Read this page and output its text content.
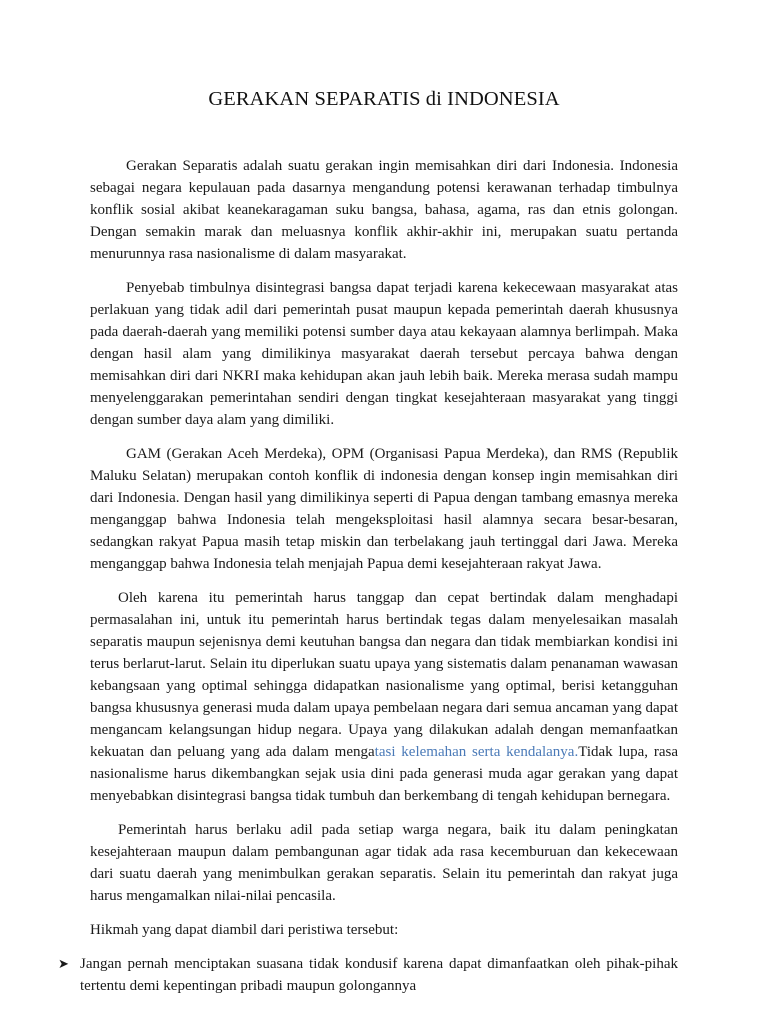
GERAKAN SEPARATIS di INDONESIA

Gerakan Separatis adalah suatu gerakan ingin memisahkan diri dari Indonesia. Indonesia sebagai negara kepulauan pada dasarnya mengandung potensi kerawanan terhadap timbulnya konflik sosial akibat keanekaragaman suku bangsa, bahasa, agama, ras dan etnis golongan. Dengan semakin marak dan meluasnya konflik akhir-akhir ini, merupakan suatu pertanda menurunnya rasa nasionalisme di dalam masyarakat.

Penyebab timbulnya disintegrasi bangsa dapat terjadi karena kekecewaan masyarakat atas perlakuan yang tidak adil dari pemerintah pusat maupun kepada pemerintah daerah khususnya pada daerah-daerah yang memiliki potensi sumber daya atau kekayaan alamnya berlimpah. Maka dengan hasil alam yang dimilikinya masyarakat daerah tersebut percaya bahwa dengan memisahkan diri dari NKRI maka kehidupan akan jauh lebih baik. Mereka merasa sudah mampu menyelenggarakan pemerintahan sendiri dengan tingkat kesejahteraan masyarakat yang tinggi dengan sumber daya alam yang dimiliki.

GAM (Gerakan Aceh Merdeka), OPM (Organisasi Papua Merdeka), dan RMS (Republik Maluku Selatan) merupakan contoh konflik di indonesia dengan konsep ingin memisahkan diri dari Indonesia. Dengan hasil yang dimilikinya seperti di Papua dengan tambang emasnya mereka menganggap bahwa Indonesia telah mengeksploitasi hasil alamnya secara besar-besaran, sedangkan rakyat Papua masih tetap miskin dan terbelakang jauh tertinggal dari Jawa. Mereka menganggap bahwa Indonesia telah menjajah Papua demi kesejahteraan rakyat Jawa.

Oleh karena itu pemerintah harus tanggap dan cepat bertindak dalam menghadapi permasalahan ini, untuk itu pemerintah harus bertindak tegas dalam menyelesaikan masalah separatis maupun sejenisnya demi keutuhan bangsa dan negara dan tidak membiarkan kondisi ini terus berlarut-larut. Selain itu diperlukan suatu upaya yang sistematis dalam penanaman wawasan kebangsaan yang optimal sehingga didapatkan nasionalisme yang optimal, berisi ketangguhan bangsa khususnya generasi muda dalam upaya pembelaan negara dari semua ancaman yang dapat mengancam kelangsungan hidup negara. Upaya yang dilakukan adalah dengan memanfaatkan kekuatan dan peluang yang ada dalam mengatasi kelemahan serta kendalanya.Tidak lupa, rasa nasionalisme harus dikembangkan sejak usia dini pada generasi muda agar gerakan yang dapat menyebabkan disintegrasi bangsa tidak tumbuh dan berkembang di tengah kehidupan bernegara.

Pemerintah harus berlaku adil pada setiap warga negara, baik itu dalam peningkatan kesejahteraan maupun dalam pembangunan agar tidak ada rasa kecemburuan dan kekecewaan dari suatu daerah yang menimbulkan gerakan separatis. Selain itu pemerintah dan rakyat juga harus mengamalkan nilai-nilai pencasila.

Hikmah yang dapat diambil dari peristiwa tersebut:

➤ Jangan pernah menciptakan suasana tidak kondusif karena dapat dimanfaatkan oleh pihak-pihak tertentu demi kepentingan pribadi maupun golongannya
